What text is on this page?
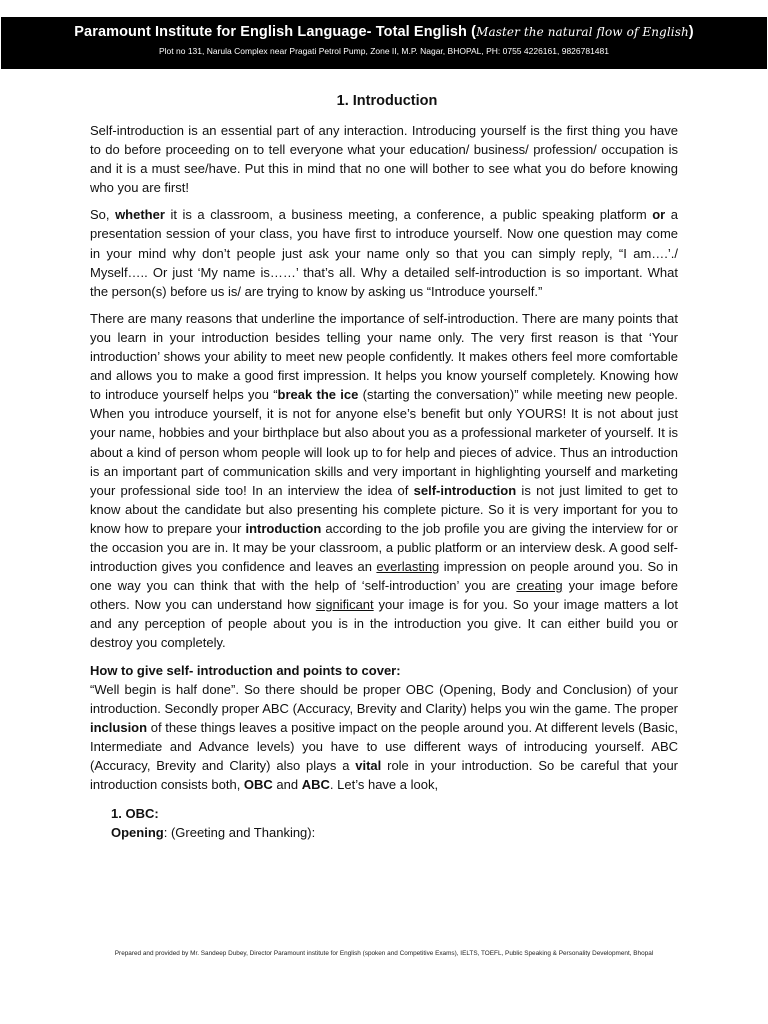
Paramount Institute for English Language- Total English (Master the natural flow of English)
Plot no 131, Narula Complex near Pragati Petrol Pump, Zone II, M.P. Nagar, BHOPAL, PH: 0755 4226161, 9826781481
1. Introduction

Self-introduction is an essential part of any interaction. Introducing yourself is the first thing you have to do before proceeding on to tell everyone what your education/ business/ profession/ occupation is and it is a must see/have. Put this in mind that no one will bother to see what you do before knowing who you are first!

So, whether it is a classroom, a business meeting, a conference, a public speaking platform or a presentation session of your class, you have first to introduce yourself. Now one question may come in your mind why don’t people just ask your name only so that you can simply reply, “I am….’./ Myself….. Or just ‘My name is……’ that’s all. Why a detailed self-introduction is so important. What the person(s) before us is/ are trying to know by asking us “Introduce yourself.”

There are many reasons that underline the importance of self-introduction. There are many points that you learn in your introduction besides telling your name only. The very first reason is that ‘Your introduction’ shows your ability to meet new people confidently. It makes others feel more comfortable and allows you to make a good first impression. It helps you know yourself completely. Knowing how to introduce yourself helps you “break the ice (starting the conversation)” while meeting new people. When you introduce yourself, it is not for anyone else’s benefit but only YOURS! It is not about just your name, hobbies and your birthplace but also about you as a professional marketer of yourself. It is about a kind of person whom people will look up to for help and pieces of advice. Thus an introduction is an important part of communication skills and very important in highlighting yourself and marketing your professional side too! In an interview the idea of self-introduction is not just limited to get to know about the candidate but also presenting his complete picture. So it is very important for you to know how to prepare your introduction according to the job profile you are giving the interview for or the occasion you are in. It may be your classroom, a public platform or an interview desk. A good self- introduction gives you confidence and leaves an everlasting impression on people around you. So in one way you can think that with the help of ‘self-introduction’ you are creating your image before others. Now you can understand how significant your image is for you. So your image matters a lot and any perception of people about you is in the introduction you give. It can either build you or destroy you completely.

How to give self- introduction and points to cover:

“Well begin is half done”. So there should be proper OBC (Opening, Body and Conclusion) of your introduction. Secondly proper ABC (Accuracy, Brevity and Clarity) helps you win the game. The proper inclusion of these things leaves a positive impact on the people around you. At different levels (Basic, Intermediate and Advance levels) you have to use different ways of introducing yourself. ABC (Accuracy, Brevity and Clarity) also plays a vital role in your introduction. So be careful that your introduction consists both, OBC and ABC. Let’s have a look,

1. OBC:
Opening: (Greeting and Thanking):
Prepared and provided by Mr. Sandeep Dubey, Director Paramount institute for English (spoken and Competitive Exams), IELTS, TOEFL, Public Speaking & Personality Development, Bhopal
